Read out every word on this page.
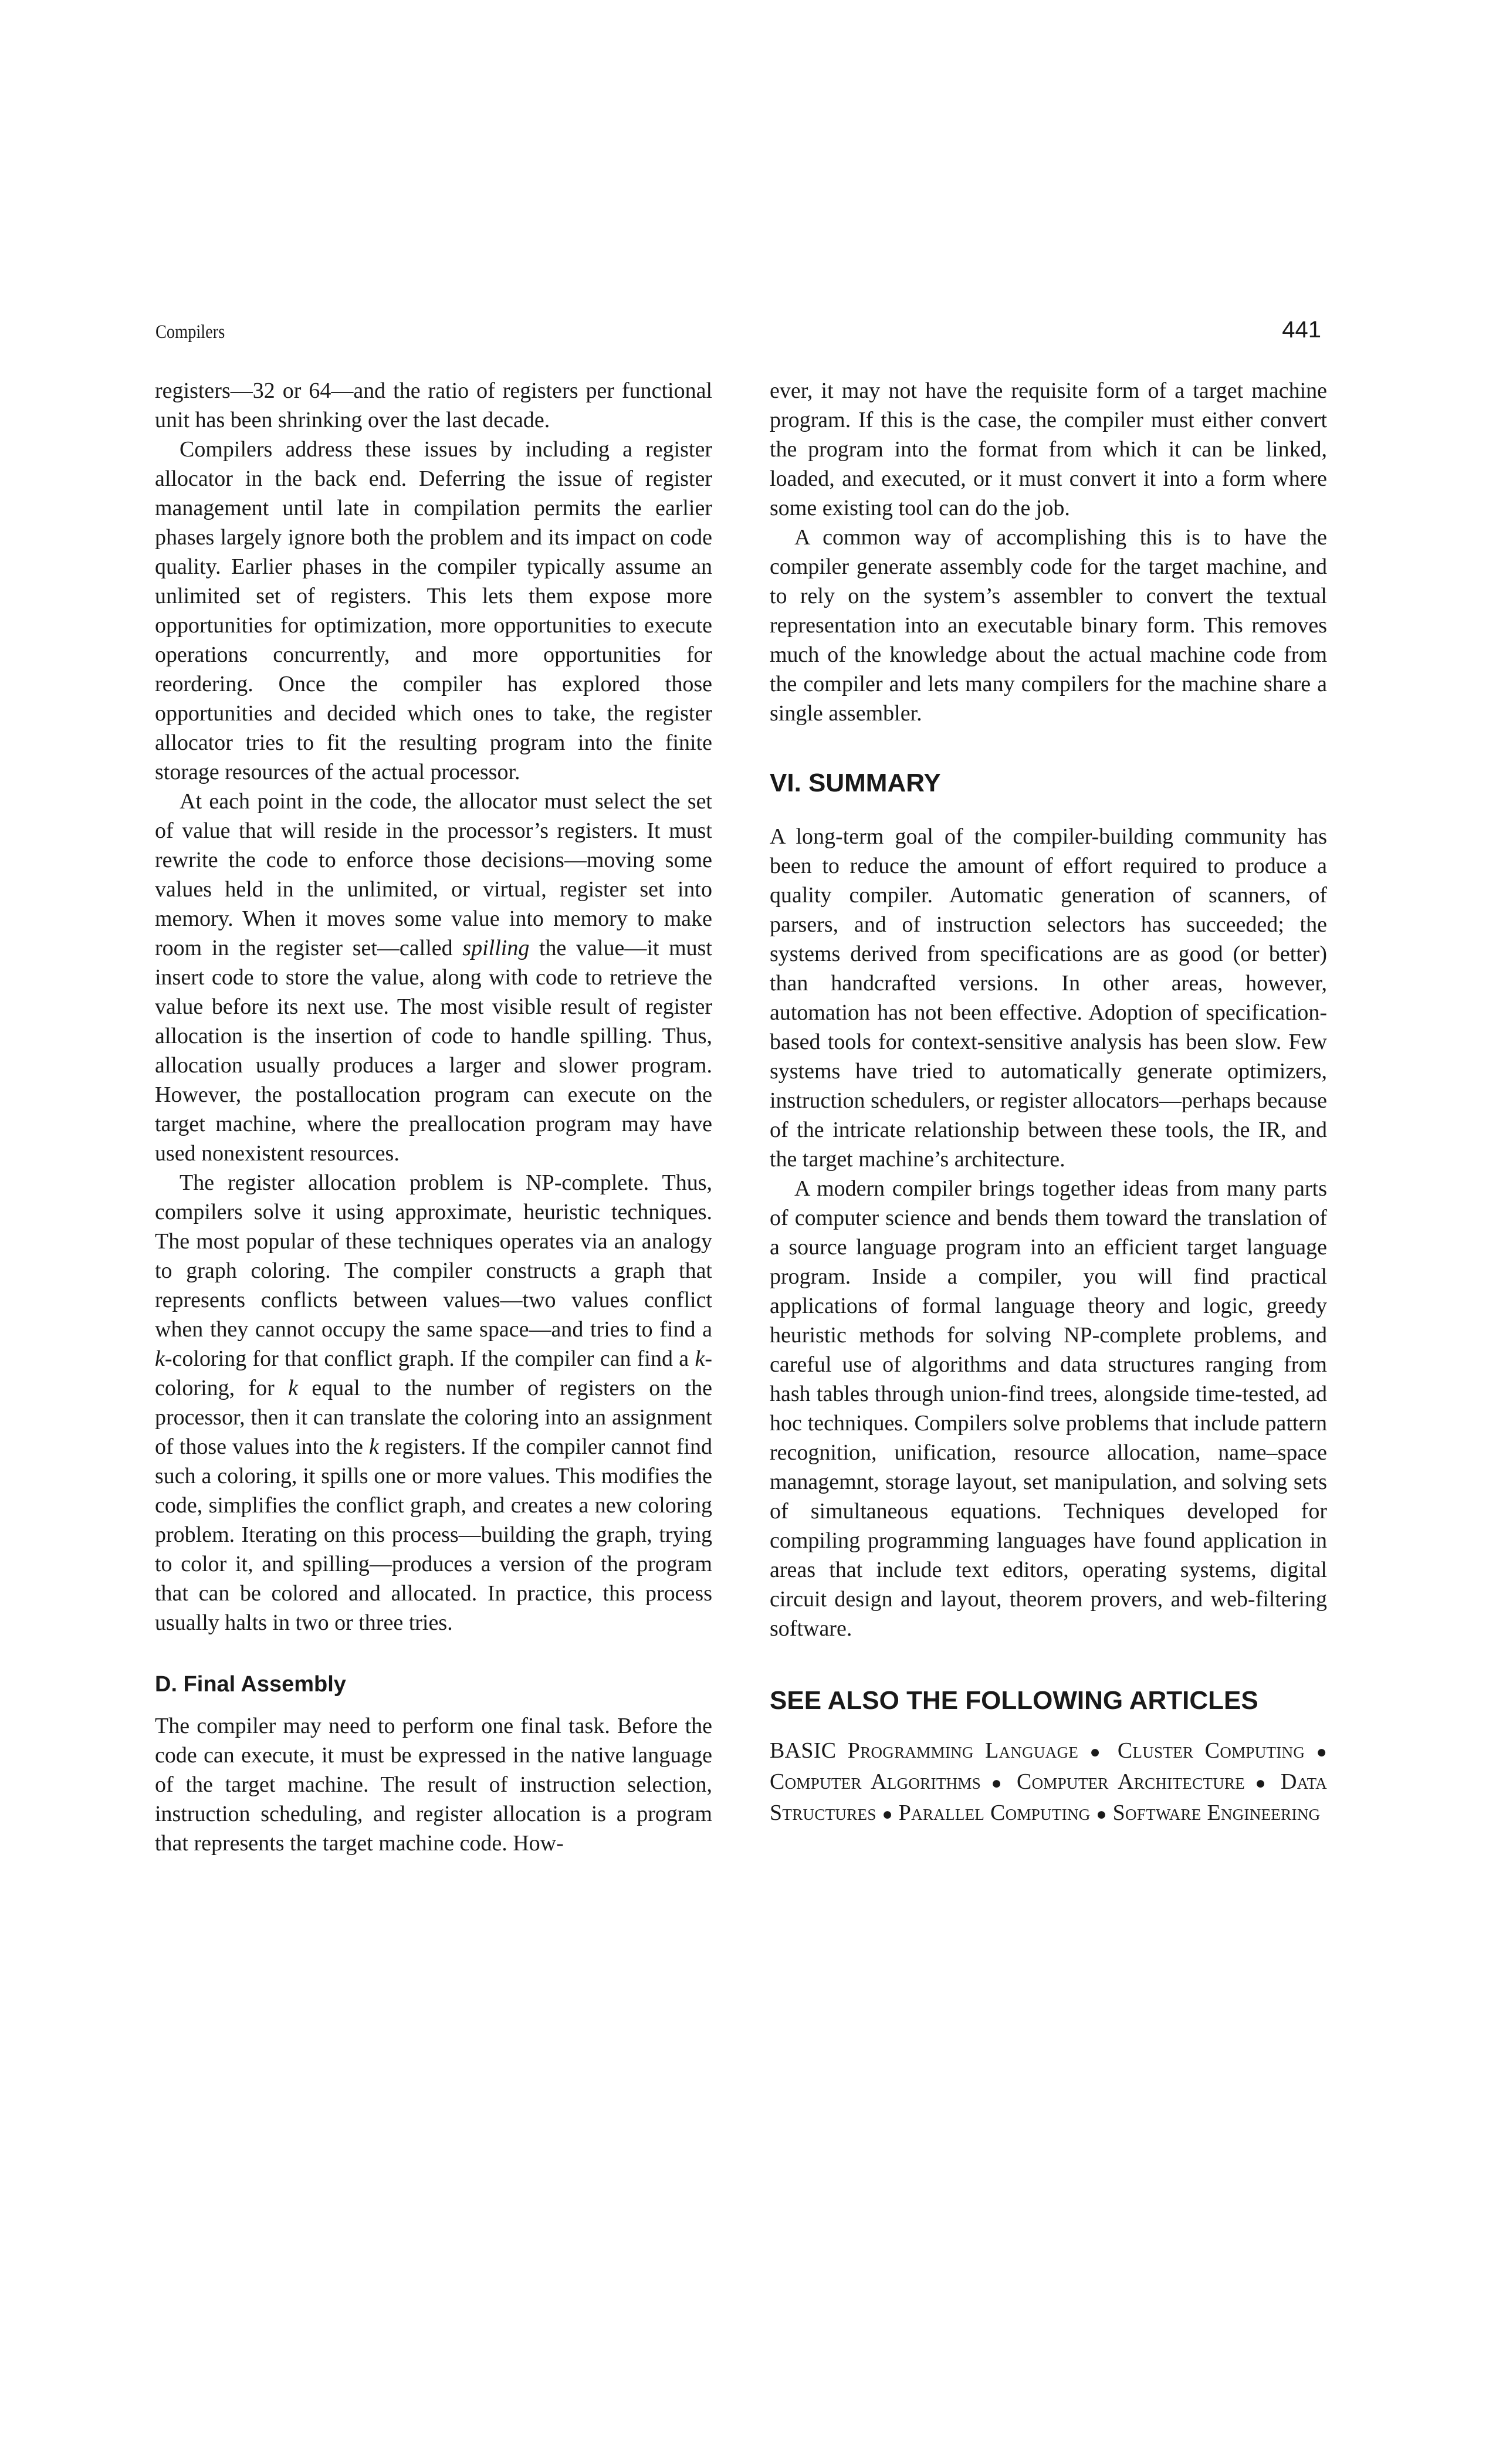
Compilers	441

registers—32 or 64—and the ratio of registers per functional unit has been shrinking over the last decade.

Compilers address these issues by including a register allocator in the back end. Deferring the issue of register management until late in compilation permits the earlier phases largely ignore both the problem and its impact on code quality. Earlier phases in the compiler typically assume an unlimited set of registers. This lets them expose more opportunities for optimization, more opportunities to execute operations concurrently, and more opportunities for reordering. Once the compiler has explored those opportunities and decided which ones to take, the register allocator tries to fit the resulting program into the finite storage resources of the actual processor.

At each point in the code, the allocator must select the set of value that will reside in the processor’s registers. It must rewrite the code to enforce those decisions—moving some values held in the unlimited, or virtual, register set into memory. When it moves some value into memory to make room in the register set—called spilling the value—it must insert code to store the value, along with code to retrieve the value before its next use. The most visible result of register allocation is the insertion of code to handle spilling. Thus, allocation usually produces a larger and slower program. However, the postallocation program can execute on the target machine, where the preallocation program may have used nonexistent resources.

The register allocation problem is NP-complete. Thus, compilers solve it using approximate, heuristic techniques. The most popular of these techniques operates via an analogy to graph coloring. The compiler constructs a graph that represents conflicts between values—two values conflict when they cannot occupy the same space—and tries to find a k-coloring for that conflict graph. If the compiler can find a k-coloring, for k equal to the number of registers on the processor, then it can translate the coloring into an assignment of those values into the k registers. If the compiler cannot find such a coloring, it spills one or more values. This modifies the code, simplifies the conflict graph, and creates a new coloring problem. Iterating on this process—building the graph, trying to color it, and spilling—produces a version of the program that can be colored and allocated. In practice, this process usually halts in two or three tries.

D. Final Assembly

The compiler may need to perform one final task. Before the code can execute, it must be expressed in the native language of the target machine. The result of instruction selection, instruction scheduling, and register allocation is a program that represents the target machine code. How-

ever, it may not have the requisite form of a target machine program. If this is the case, the compiler must either convert the program into the format from which it can be linked, loaded, and executed, or it must convert it into a form where some existing tool can do the job.

A common way of accomplishing this is to have the compiler generate assembly code for the target machine, and to rely on the system’s assembler to convert the textual representation into an executable binary form. This removes much of the knowledge about the actual machine code from the compiler and lets many compilers for the machine share a single assembler.

VI. SUMMARY

A long-term goal of the compiler-building community has been to reduce the amount of effort required to produce a quality compiler. Automatic generation of scanners, of parsers, and of instruction selectors has succeeded; the systems derived from specifications are as good (or better) than handcrafted versions. In other areas, however, automation has not been effective. Adoption of specification-based tools for context-sensitive analysis has been slow. Few systems have tried to automatically generate optimizers, instruction schedulers, or register allocators—perhaps because of the intricate relationship between these tools, the IR, and the target machine’s architecture.

A modern compiler brings together ideas from many parts of computer science and bends them toward the translation of a source language program into an efficient target language program. Inside a compiler, you will find practical applications of formal language theory and logic, greedy heuristic methods for solving NP-complete problems, and careful use of algorithms and data structures ranging from hash tables through union-find trees, alongside time-tested, ad hoc techniques. Compilers solve problems that include pattern recognition, unification, resource allocation, name–space managemnt, storage layout, set manipulation, and solving sets of simultaneous equations. Techniques developed for compiling programming languages have found application in areas that include text editors, operating systems, digital circuit design and layout, theorem provers, and web-filtering software.

SEE ALSO THE FOLLOWING ARTICLES

BASIC Programming Language ● Cluster Computing ● Computer Algorithms ● Computer Architecture ● Data Structures ● Parallel Computing ● Software Engineering
